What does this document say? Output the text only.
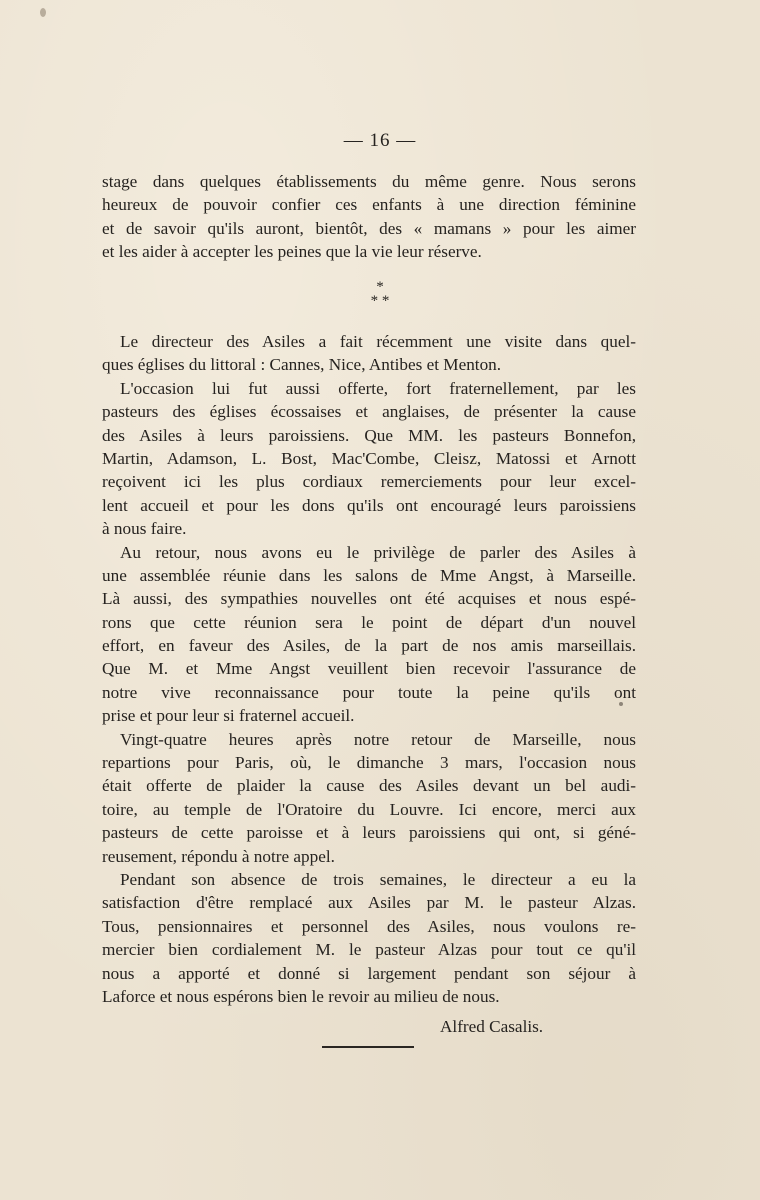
— 16 —
stage dans quelques établissements du même genre. Nous serons
heureux de pouvoir confier ces enfants à une direction féminine
et de savoir qu'ils auront, bientôt, des « mamans » pour les aimer
et les aider à accepter les peines que la vie leur réserve.
*
* *
Le directeur des Asiles a fait récemment une visite dans quel-
ques églises du littoral : Cannes, Nice, Antibes et Menton.
L'occasion lui fut aussi offerte, fort fraternellement, par les
pasteurs des églises écossaises et anglaises, de présenter la cause
des Asiles à leurs paroissiens. Que MM. les pasteurs Bonnefon,
Martin, Adamson, L. Bost, Mac'Combe, Cleisz, Matossi et Arnott
reçoivent ici les plus cordiaux remerciements pour leur excel-
lent accueil et pour les dons qu'ils ont encouragé leurs paroissiens
à nous faire.
Au retour, nous avons eu le privilège de parler des Asiles à
une assemblée réunie dans les salons de Mme Angst, à Marseille.
Là aussi, des sympathies nouvelles ont été acquises et nous espé-
rons que cette réunion sera le point de départ d'un nouvel
effort, en faveur des Asiles, de la part de nos amis marseillais.
Que M. et Mme Angst veuillent bien recevoir l'assurance de
notre vive reconnaissance pour toute la peine qu'ils ont
prise et pour leur si fraternel accueil.
Vingt-quatre heures après notre retour de Marseille, nous
repartions pour Paris, où, le dimanche 3 mars, l'occasion nous
était offerte de plaider la cause des Asiles devant un bel audi-
toire, au temple de l'Oratoire du Louvre. Ici encore, merci aux
pasteurs de cette paroisse et à leurs paroissiens qui ont, si géné-
reusement, répondu à notre appel.
Pendant son absence de trois semaines, le directeur a eu la
satisfaction d'être remplacé aux Asiles par M. le pasteur Alzas.
Tous, pensionnaires et personnel des Asiles, nous voulons re-
mercier bien cordialement M. le pasteur Alzas pour tout ce qu'il
nous a apporté et donné si largement pendant son séjour à
Laforce et nous espérons bien le revoir au milieu de nous.
Alfred Casalis.
